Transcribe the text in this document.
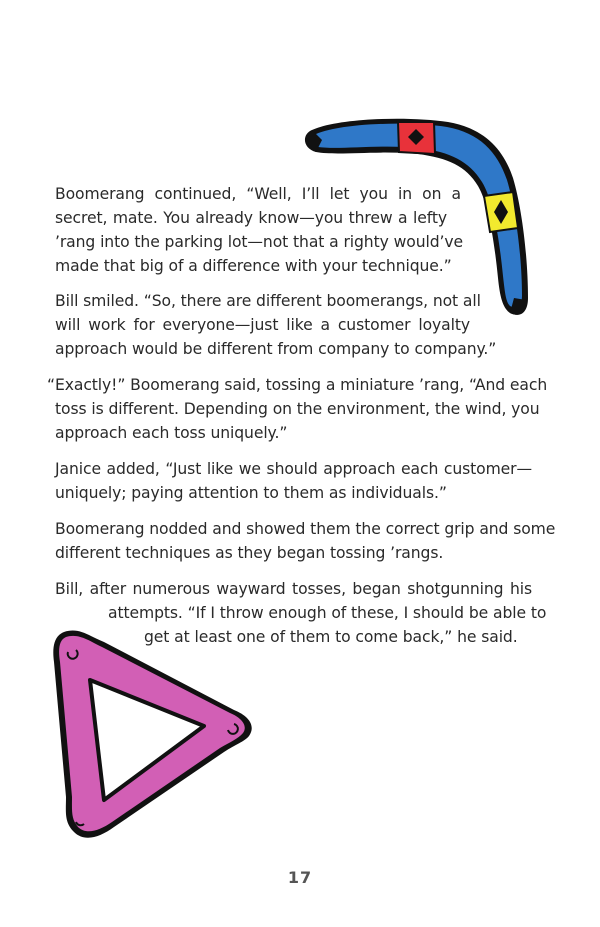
Boomerang continued, “Well, I’ll let you in on a
secret, mate. You already know—you threw a lefty
’rang into the parking lot—not that a righty would’ve
made that big of a difference with your technique.”
Bill smiled. “So, there are different boomerangs, not all
will work for everyone—just like a customer loyalty
approach would be different from company to company.”
“Exactly!” Boomerang said, tossing a miniature ’rang, “And each
toss is different. Depending on the environment, the wind, you
approach each toss uniquely.”
Janice added, “Just like we should approach each customer—
uniquely; paying attention to them as individuals.”
Boomerang nodded and showed them the correct grip and some
different techniques as they began tossing ’rangs.
Bill, after numerous wayward tosses, began shotgunning his
attempts. “If I throw enough of these, I should be able to
get at least one of them to come back,” he said.
17
